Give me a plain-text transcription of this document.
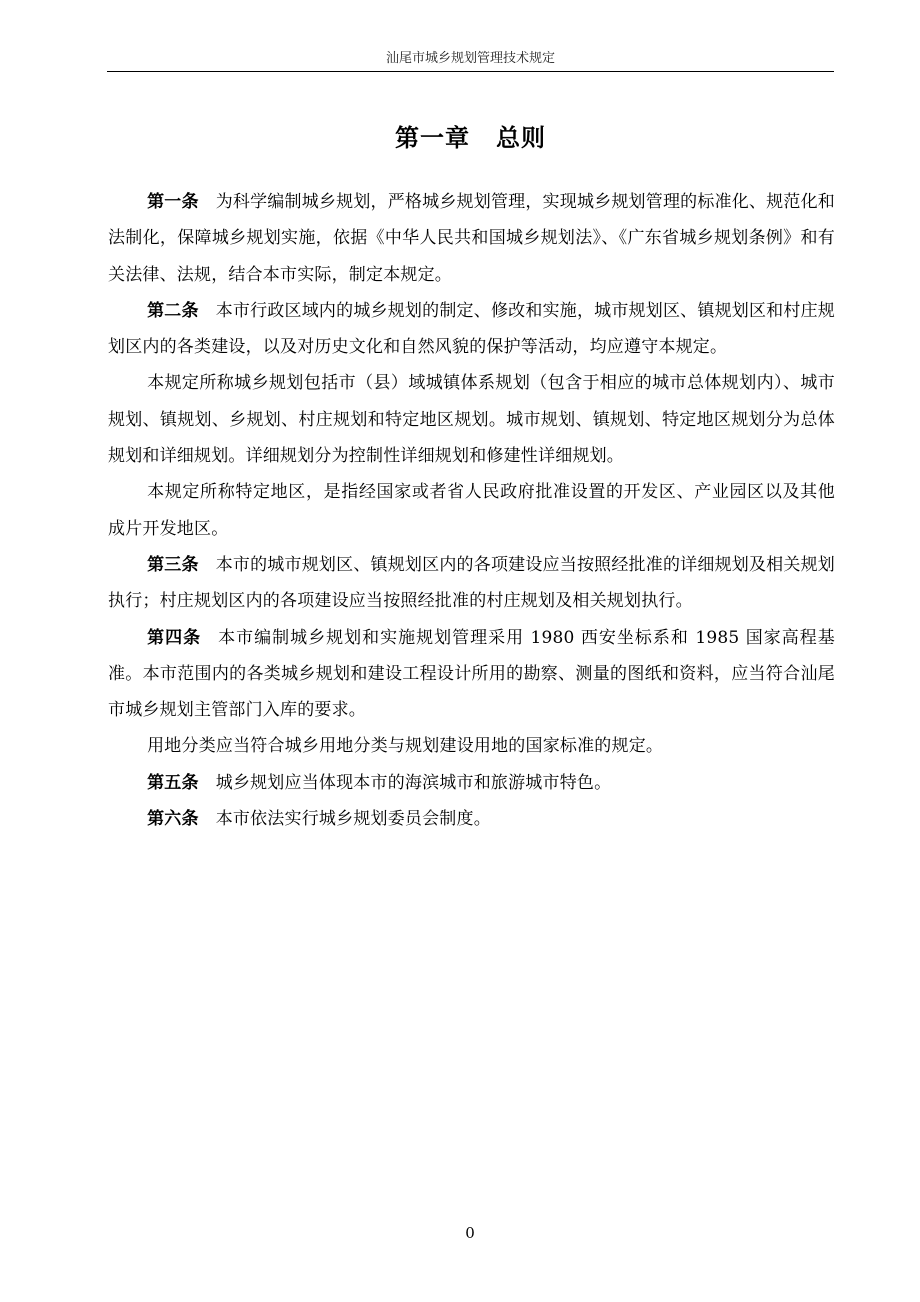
汕尾市城乡规划管理技术规定
第一章 总则

第一条 为科学编制城乡规划，严格城乡规划管理，实现城乡规划管理的标准化、规范化和法制化，保障城乡规划实施，依据《中华人民共和国城乡规划法》、《广东省城乡规划条例》和有关法律、法规，结合本市实际，制定本规定。

第二条 本市行政区域内的城乡规划的制定、修改和实施，城市规划区、镇规划区和村庄规划区内的各类建设，以及对历史文化和自然风貌的保护等活动，均应遵守本规定。

本规定所称城乡规划包括市（县）域城镇体系规划（包含于相应的城市总体规划内）、城市规划、镇规划、乡规划、村庄规划和特定地区规划。城市规划、镇规划、特定地区规划分为总体规划和详细规划。详细规划分为控制性详细规划和修建性详细规划。

本规定所称特定地区，是指经国家或者省人民政府批准设置的开发区、产业园区以及其他成片开发地区。

第三条 本市的城市规划区、镇规划区内的各项建设应当按照经批准的详细规划及相关规划执行；村庄规划区内的各项建设应当按照经批准的村庄规划及相关规划执行。

第四条 本市编制城乡规划和实施规划管理采用 1980 西安坐标系和 1985 国家高程基准。本市范围内的各类城乡规划和建设工程设计所用的勘察、测量的图纸和资料，应当符合汕尾市城乡规划主管部门入库的要求。

用地分类应当符合城乡用地分类与规划建设用地的国家标准的规定。

第五条 城乡规划应当体现本市的海滨城市和旅游城市特色。

第六条 本市依法实行城乡规划委员会制度。

0
